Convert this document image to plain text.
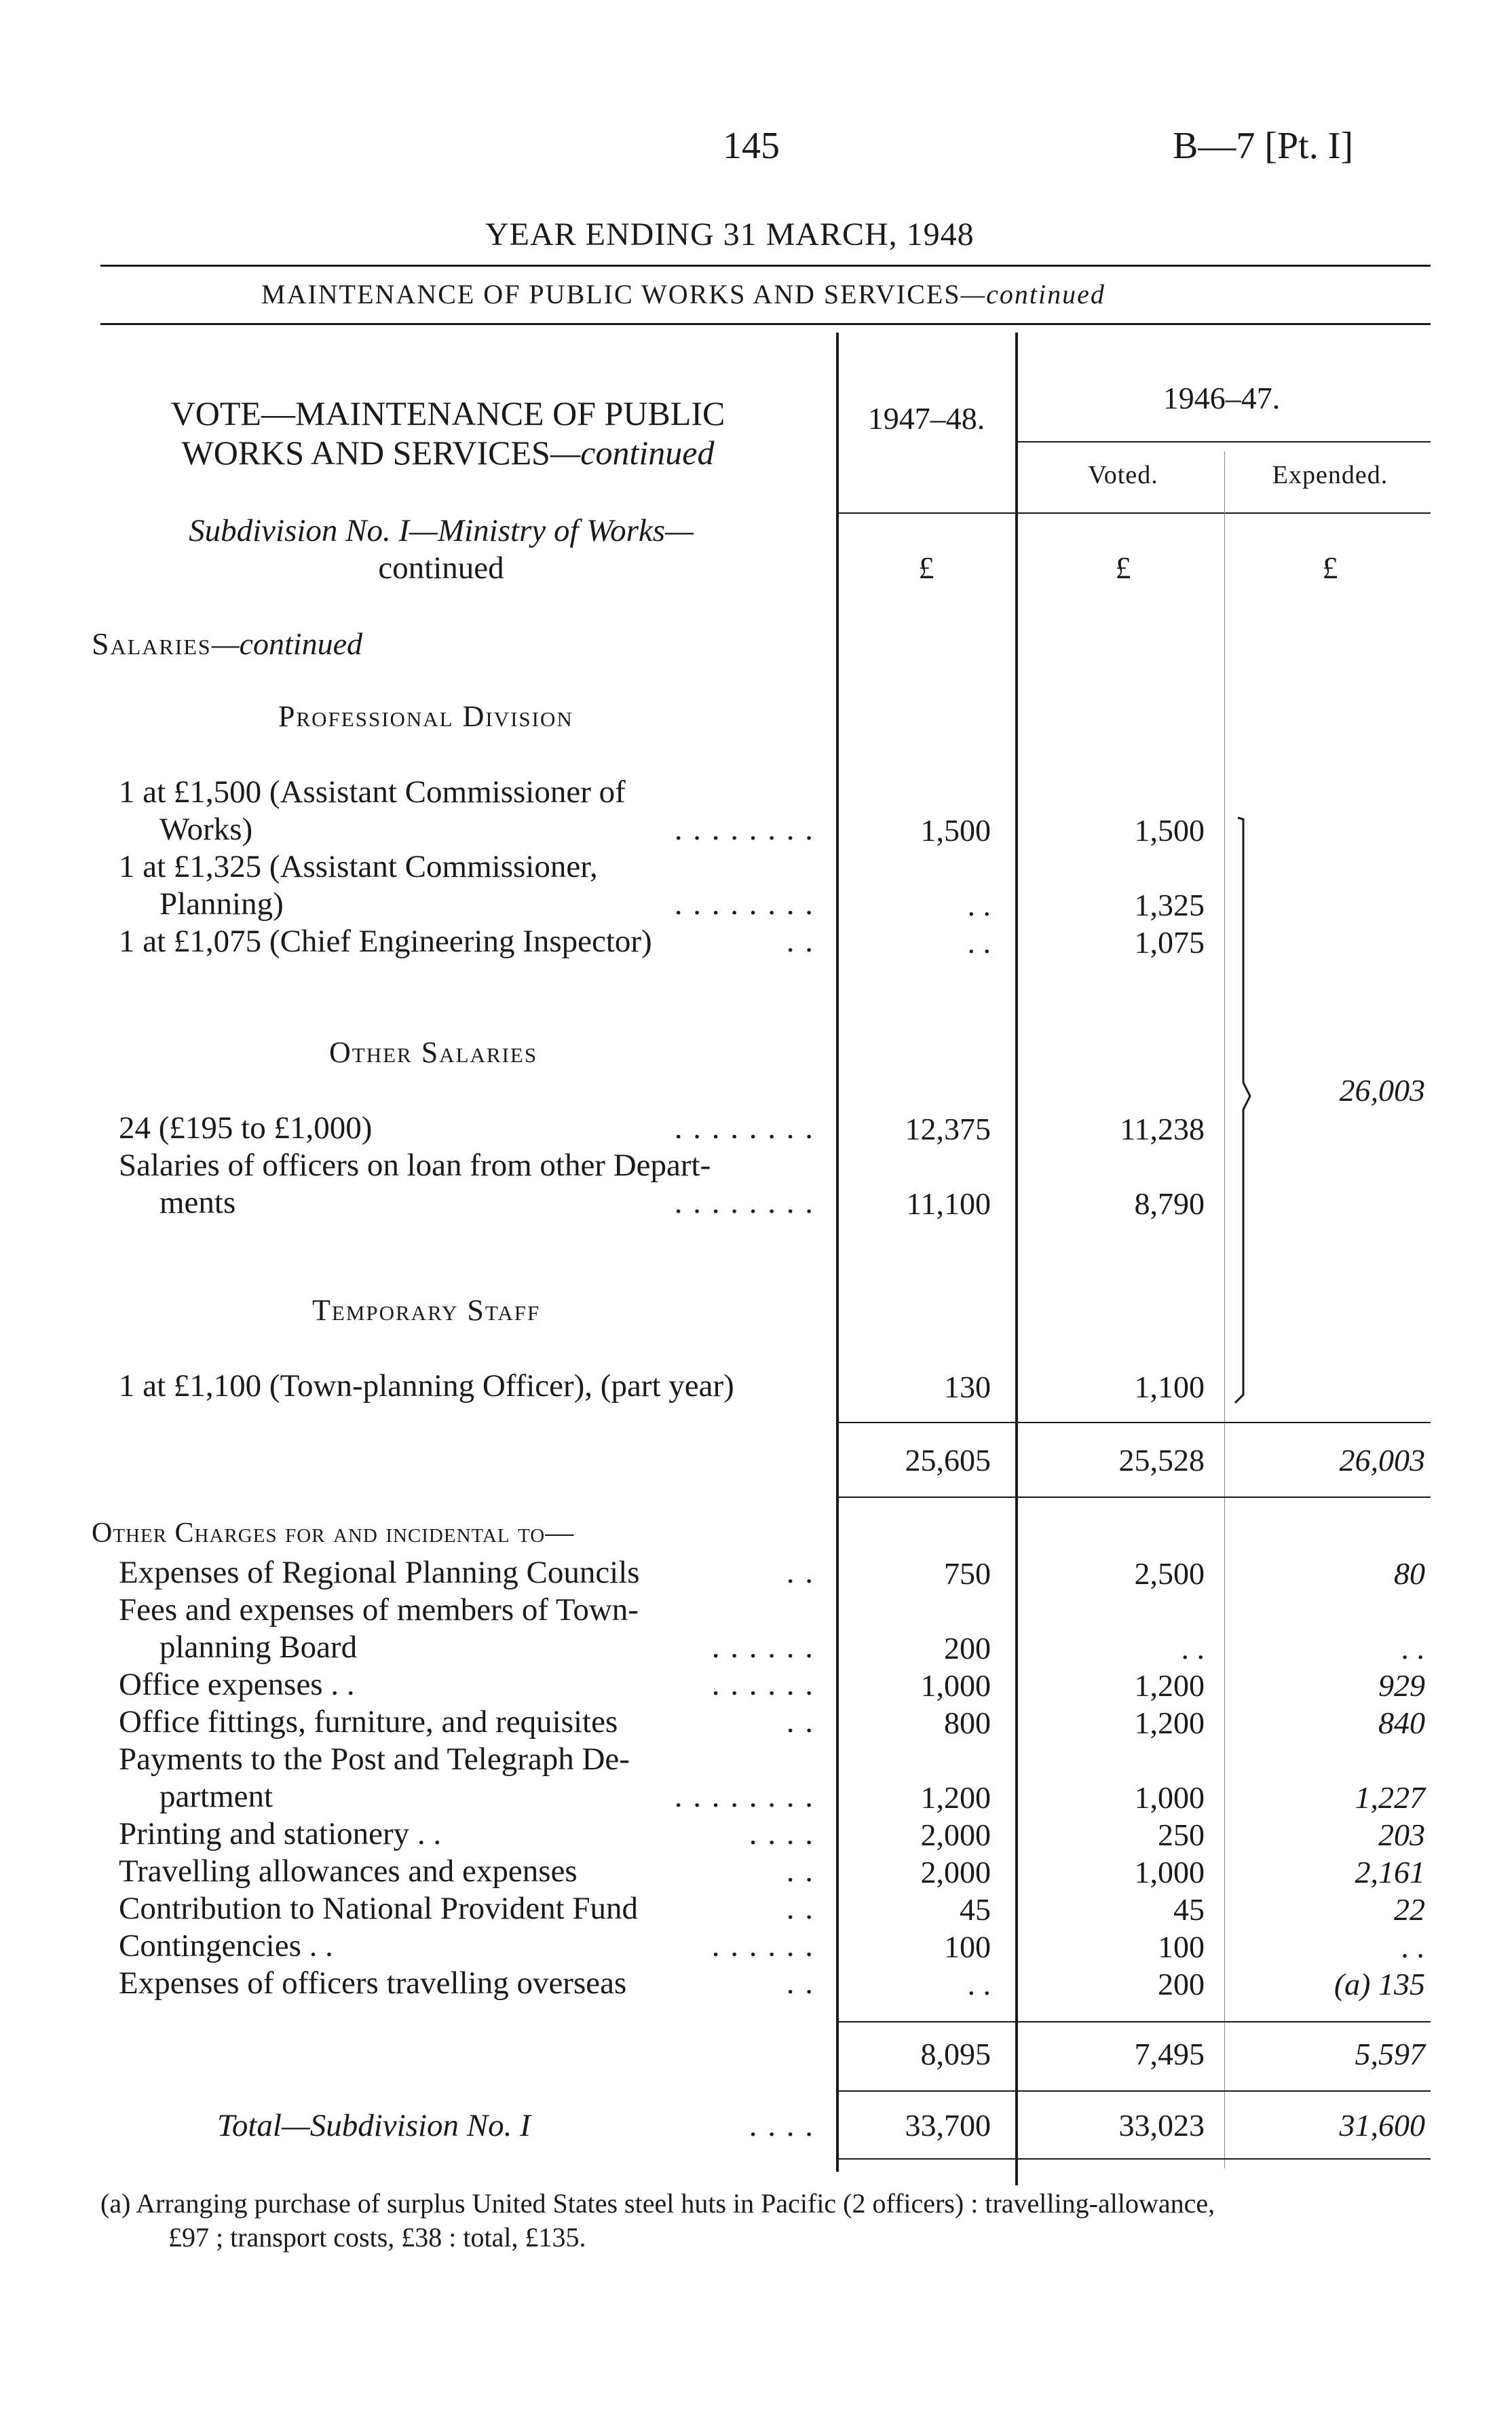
145	B—7 [Pt. I]
YEAR ENDING 31 MARCH, 1948
MAINTENANCE OF PUBLIC WORKS AND SERVICES—continued
VOTE—MAINTENANCE OF PUBLIC
WORKS AND SERVICES—continued
Subdivision No. I—Ministry of Works—
continued
1947–48.
1946–47.
Voted.	Expended.
£	£	£
Salaries—continued
Professional Division
1 at £1,500 (Assistant Commissioner of
Works)	. . . . . . . .	1,500	1,500
1 at £1,325 (Assistant Commissioner,
Planning)	. . . . . . . .	. .	1,325
1 at £1,075 (Chief Engineering Inspector)	. .	. .	1,075
Other Salaries
24 (£195 to £1,000)	. . . . . . . .	12,375	11,238
Salaries of officers on loan from other Depart-
ments	. . . . . . . .	11,100	8,790
Temporary Staff
1 at £1,100 (Town-planning Officer), (part year)	130	1,100
26,003
25,605	25,528	26,003
Other Charges for and incidental to—
Expenses of Regional Planning Councils	. .	750	2,500	80
Fees and expenses of members of Town-
planning Board	. . . . . .	200	. .	. .
Office expenses . .	. . . . . .	1,000	1,200	929
Office fittings, furniture, and requisites	. .	800	1,200	840
Payments to the Post and Telegraph De-
partment	. . . . . . . .	1,200	1,000	1,227
Printing and stationery . .	. . . .	2,000	250	203
Travelling allowances and expenses	. .	2,000	1,000	2,161
Contribution to National Provident Fund	. .	45	45	22
Contingencies . .	. . . . . .	100	100	. .
Expenses of officers travelling overseas	. .	. .	200	(a) 135
8,095	7,495	5,597
Total—Subdivision No. I	. . . .	33,700	33,023	31,600
(a) Arranging purchase of surplus United States steel huts in Pacific (2 officers) : travelling-allowance,
£97 ; transport costs, £38 : total, £135.
